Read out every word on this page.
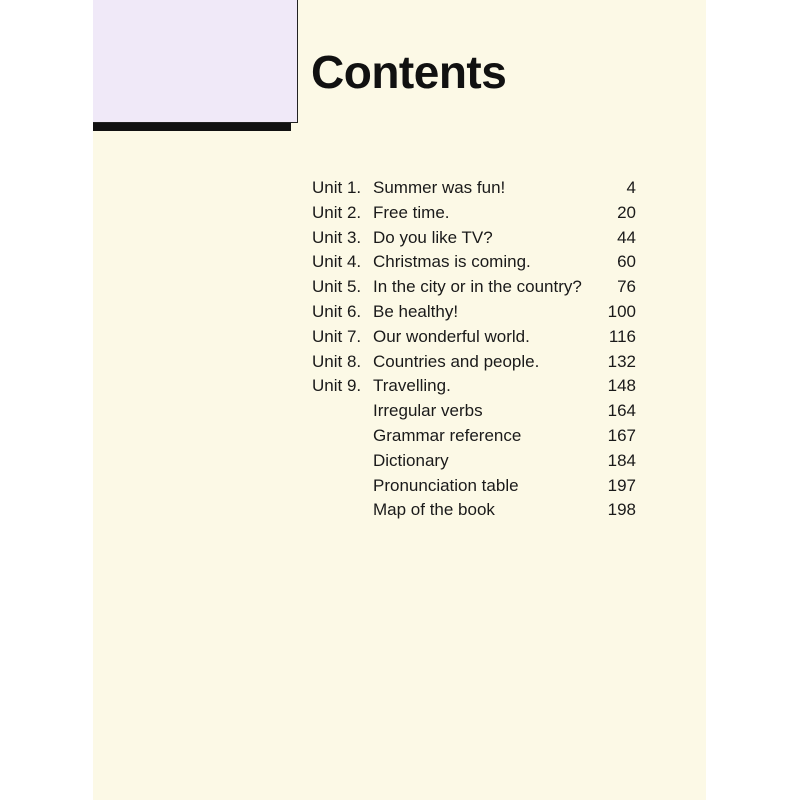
Contents
Unit 1. Summer was fun!	4
Unit 2. Free time.	20
Unit 3. Do you like TV?	44
Unit 4. Christmas is coming.	60
Unit 5. In the city or in the country? 76
Unit 6. Be healthy!	100
Unit 7. Our wonderful world.	116
Unit 8. Countries and people.	132
Unit 9. Travelling.	148
Irregular verbs	164
Grammar reference	167
Dictionary	184
Pronunciation table	197
Map of the book	198
